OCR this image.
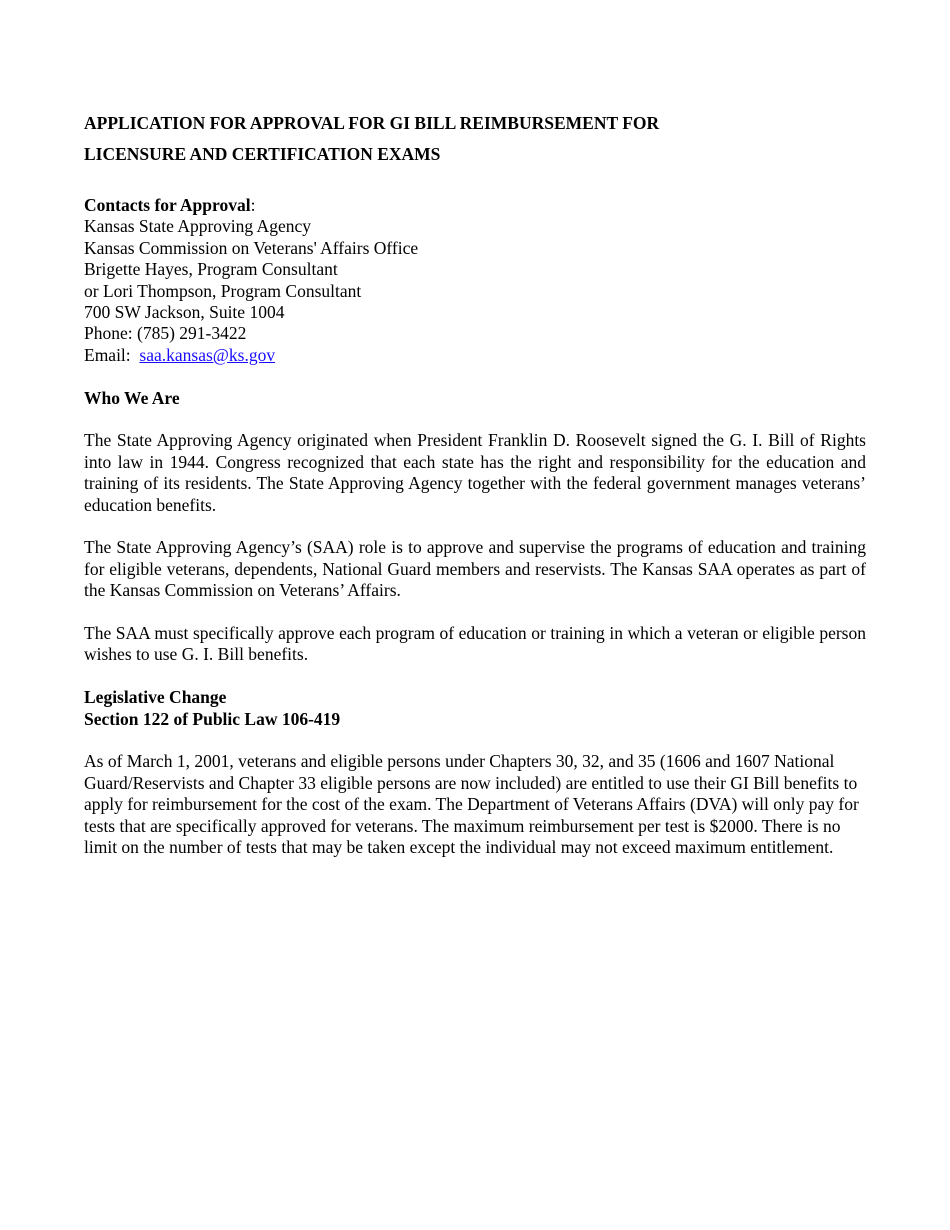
APPLICATION FOR APPROVAL FOR GI BILL REIMBURSEMENT FOR

LICENSURE AND CERTIFICATION EXAMS

Contacts for Approval:
Kansas State Approving Agency
Kansas Commission on Veterans' Affairs Office
Brigette Hayes, Program Consultant
or Lori Thompson, Program Consultant
700 SW Jackson, Suite 1004
Phone: (785) 291-3422
Email:  saa.kansas@ks.gov
Who We Are

The State Approving Agency originated when President Franklin D. Roosevelt signed the G. I. Bill of Rights into law in 1944. Congress recognized that each state has the right and responsibility for the education and training of its residents. The State Approving Agency together with the federal government manages veterans’ education benefits.

The State Approving Agency’s (SAA) role is to approve and supervise the programs of education and training for eligible veterans, dependents, National Guard members and reservists. The Kansas SAA operates as part of the Kansas Commission on Veterans’ Affairs.

The SAA must specifically approve each program of education or training in which a veteran or eligible person wishes to use G. I. Bill benefits.

Legislative Change
Section 122 of Public Law 106-419

As of March 1, 2001, veterans and eligible persons under Chapters 30, 32, and 35 (1606 and 1607 National Guard/Reservists and Chapter 33 eligible persons are now included) are entitled to use their GI Bill benefits to apply for reimbursement for the cost of the exam. The Department of Veterans Affairs (DVA) will only pay for tests that are specifically approved for veterans. The maximum reimbursement per test is $2000. There is no limit on the number of tests that may be taken except the individual may not exceed maximum entitlement.
